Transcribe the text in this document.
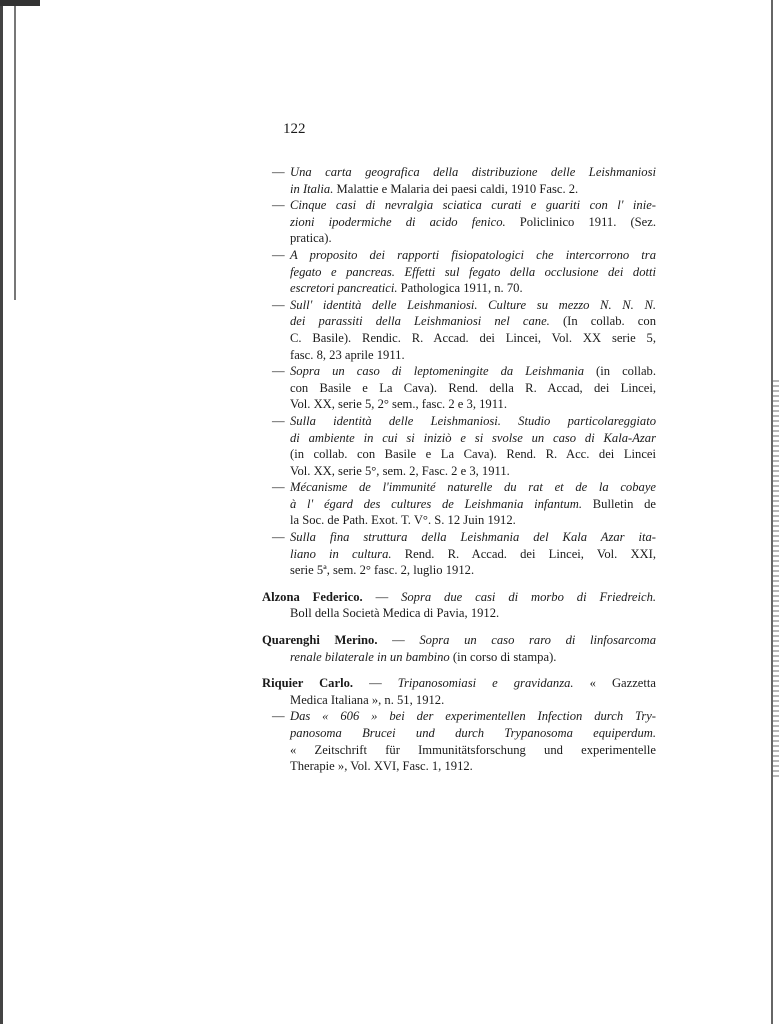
122
— Una carta geografica della distribuzione delle Leishmaniosi
in Italia. Malattie e Malaria dei paesi caldi, 1910 Fasc. 2.
— Cinque casi di nevralgia sciatica curati e guariti con l' inie-
zioni ipodermiche di acido fenico. Policlinico 1911. (Sez.
pratica).
— A proposito dei rapporti fisiopatologici che intercorrono tra
fegato e pancreas. Effetti sul fegato della occlusione dei dotti
escretori pancreatici. Pathologica 1911, n. 70.
— Sull' identità delle Leishmaniosi. Culture su mezzo N. N. N.
dei parassiti della Leishmaniosi nel cane. (In collab. con
C. Basile). Rendic. R. Accad. dei Lincei, Vol. XX serie 5,
fasc. 8, 23 aprile 1911.
— Sopra un caso di leptomeningite da Leishmania (in collab.
con Basile e La Cava). Rend. della R. Accad, dei Lincei,
Vol. XX, serie 5, 2° sem., fasc. 2 e 3, 1911.
— Sulla identità delle Leishmaniosi. Studio particolareggiato
di ambiente in cui si iniziò e si svolse un caso di Kala-Azar
(in collab. con Basile e La Cava). Rend. R. Acc. dei Lincei
Vol. XX, serie 5°, sem. 2, Fasc. 2 e 3, 1911.
— Mécanisme de l'immunité naturelle du rat et de la cobaye
à l' égard des cultures de Leishmania infantum. Bulletin de
la Soc. de Path. Exot. T. V°. S. 12 Juin 1912.
— Sulla fina struttura della Leishmania del Kala Azar ita-
liano in cultura. Rend. R. Accad. dei Lincei, Vol. XXI,
serie 5ª, sem. 2° fasc. 2, luglio 1912.
Alzona Federico. — Sopra due casi di morbo di Friedreich.
Boll della Società Medica di Pavia, 1912.
Quarenghi Merino. — Sopra un caso raro di linfosarcoma
renale bilaterale in un bambino (in corso di stampa).
Riquier Carlo. — Tripanosomiasi e gravidanza. « Gazzetta
Medica Italiana », n. 51, 1912.
— Das « 606 » bei der experimentellen Infection durch Try-
panosoma Brucei und durch Trypanosoma equiperdum.
« Zeitschrift für Immunitätsforschung und experimentelle
Therapie », Vol. XVI, Fasc. 1, 1912.
